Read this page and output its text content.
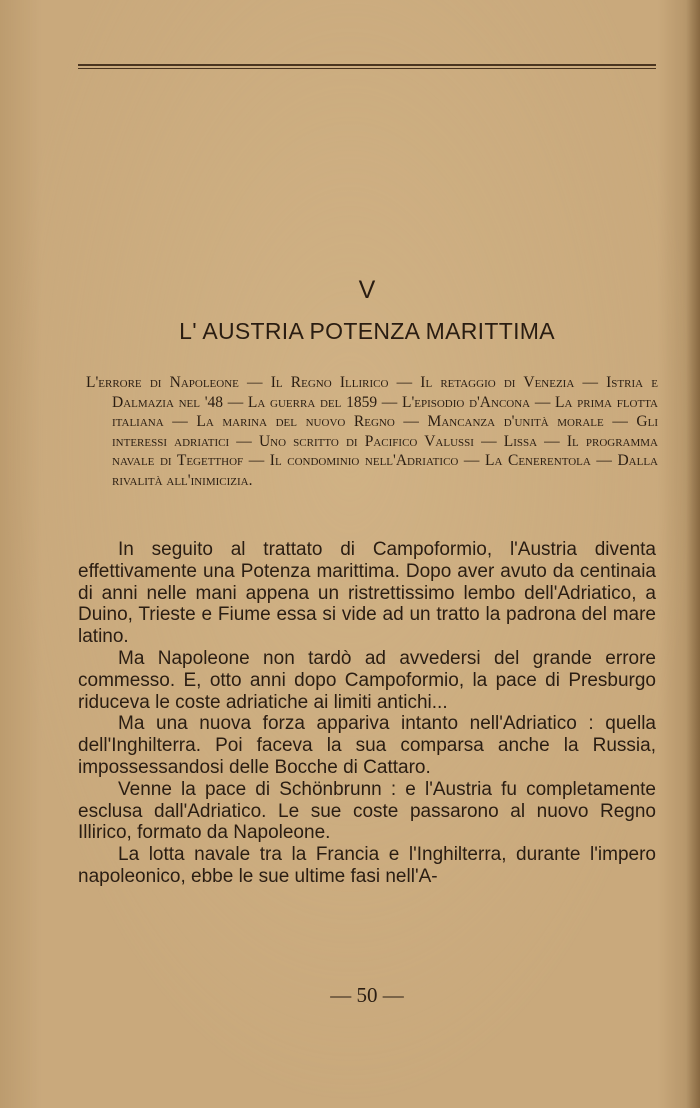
V
L' AUSTRIA POTENZA MARITTIMA
L'errore di Napoleone — Il Regno Illirico — Il retaggio di Venezia — Istria e Dalmazia nel '48 — La guerra del 1859 — L'episodio d'Ancona — La prima flotta italiana — La marina del nuovo Regno — Mancanza d'unità morale — Gli interessi adriatici — Uno scritto di Pacifico Valussi — Lissa — Il programma navale di Tegetthof — Il condominio nell'Adriatico — La Cenerentola — Dalla rivalità all'inimicizia.

In seguito al trattato di Campoformio, l'Austria diventa effettivamente una Potenza marittima. Dopo aver avuto da centinaia di anni nelle mani appena un ristrettissimo lembo dell'Adriatico, a Duino, Trieste e Fiume essa si vide ad un tratto la padrona del mare latino.

Ma Napoleone non tardò ad avvedersi del grande errore commesso. E, otto anni dopo Campoformio, la pace di Presburgo riduceva le coste adriatiche ai limiti antichi...

Ma una nuova forza appariva intanto nell'Adriatico : quella dell'Inghilterra. Poi faceva la sua comparsa anche la Russia, impossessandosi delle Bocche di Cattaro.

Venne la pace di Schönbrunn : e l'Austria fu completamente esclusa dall'Adriatico. Le sue coste passarono al nuovo Regno Illirico, formato da Napoleone.

La lotta navale tra la Francia e l'Inghilterra, durante l'impero napoleonico, ebbe le sue ultime fasi nell'A-

— 50 —
